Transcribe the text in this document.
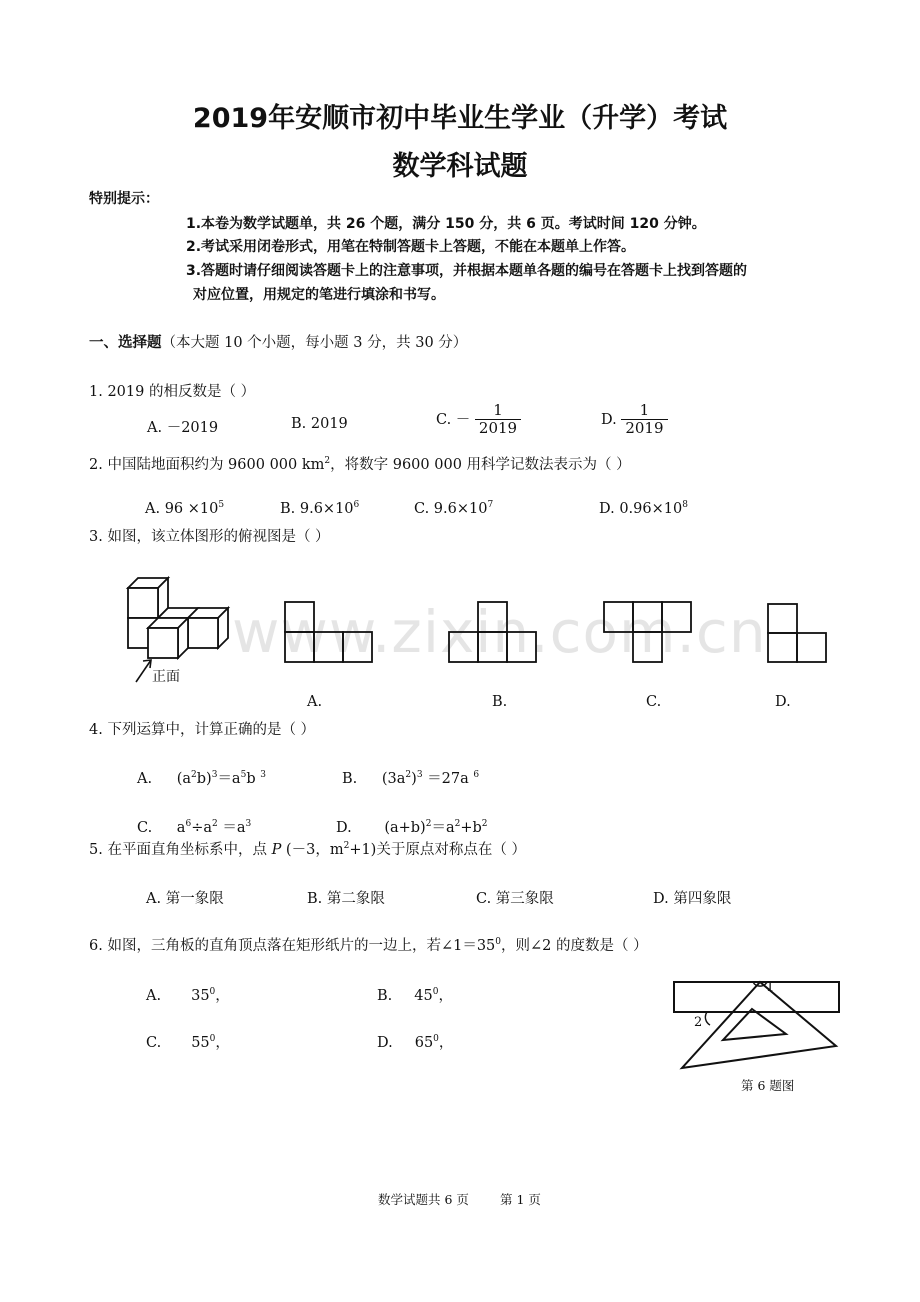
2019年安顺市初中毕业生学业（升学）考试
数学科试题
特别提示：
1.本卷为数学试题单，共 26 个题，满分 150 分，共 6 页。考试时间 120 分钟。
2.考试采用闭卷形式，用笔在特制答题卡上答题，不能在本题单上作答。
3.答题时请仔细阅读答题卡上的注意事项，并根据本题单各题的编号在答题卡上找到答题的
对应位置，用规定的笔进行填涂和书写。
一、选择题（本大题 10 个小题，每小题 3 分，共 30 分）
1. 2019 的相反数是（ ）
A. －2019	B. 2019	C. － $\frac{1}{2019}$	D. $\frac{1}{2019}$
2. 中国陆地面积约为 9600 000 $km^2$，将数字 9600 000 用科学记数法表示为（ ）
A. $96 \times 10^5$	B. $9.6\times 10^6$	C. $9.6\times 10^7$	D. $0.96\times 10^8$
3. 如图，该立体图形的俯视图是（ ）
www.zixin.com.cn
正面
A.	B.	C.	D.
4. 下列运算中，计算正确的是（ ）
A. $(a^2b)^3=a^5b$ $^3$	B. $(3a^2)^3 =27a$ $^6$
C. $a^6\div a^2 =a^3$	D. $(a+b)^2=a^2+b^2$
5. 在平面直角坐标系中，点 P (－3，$m^2+1$)关于原点对称点在（ ）
A. 第一象限	B. 第二象限	C. 第三象限	D. 第四象限
6. 如图，三角板的直角顶点落在矩形纸片的一边上，若$\angle 1=35^0$，则∠2 的度数是（ ）
A. $35^0$，	B. $45^0$，
C. $55^0$，	D. $65^0$，
1
2
第 6 题图
数学试题共 6 页 第 1 页
